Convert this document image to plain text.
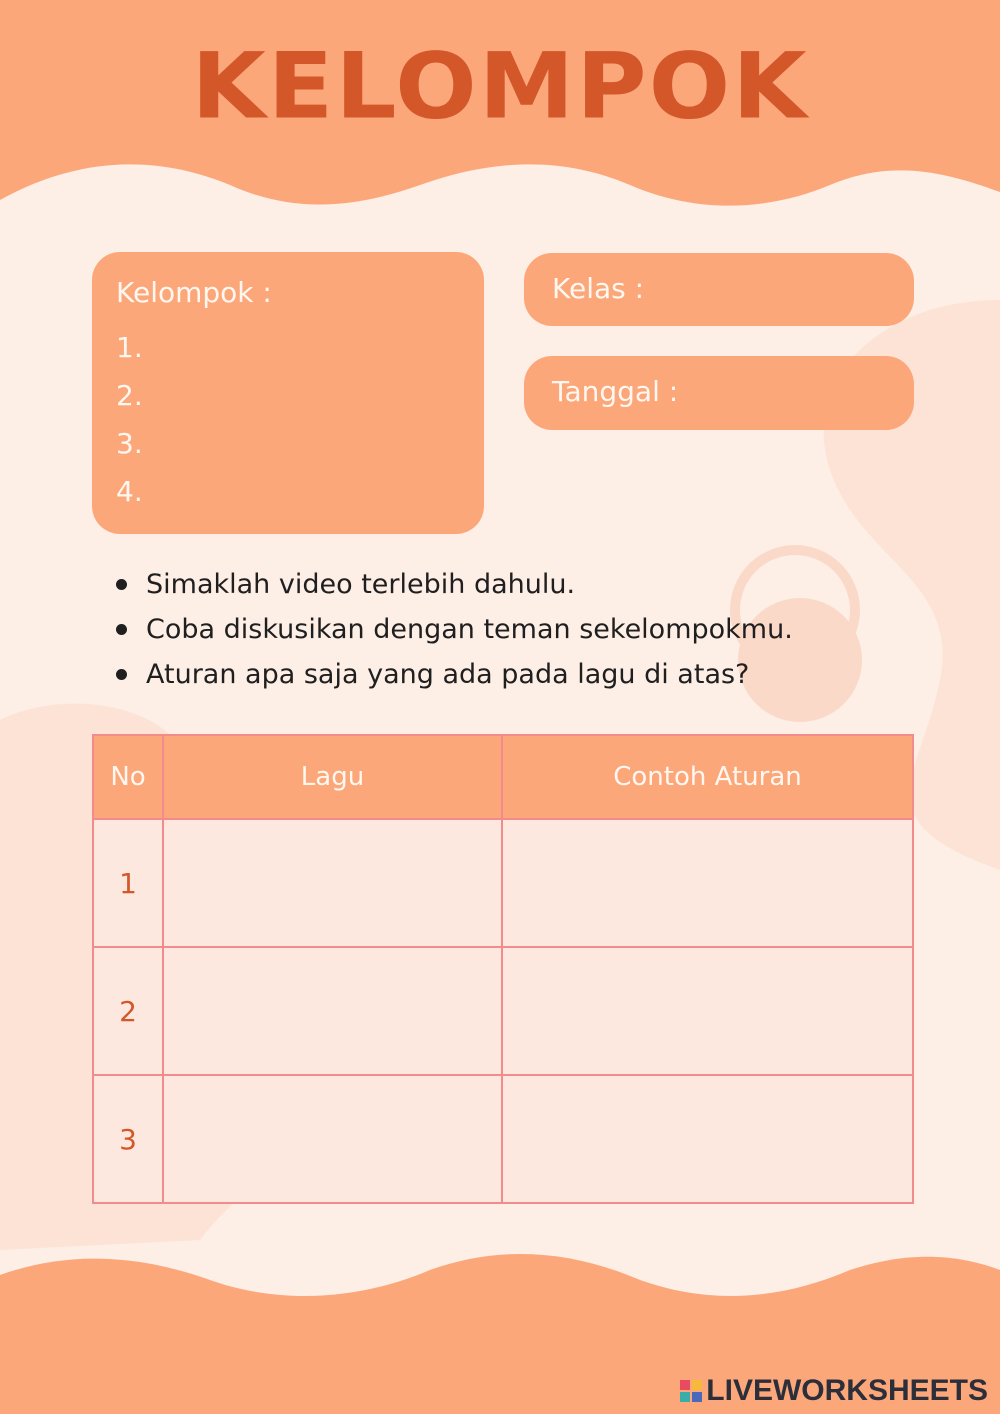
KELOMPOK
Kelompok :
1.
2.
3.
4.
Kelas :
Tanggal :
Simaklah video terlebih dahulu.
Coba diskusikan dengan teman sekelompokmu.
Aturan apa saja yang ada pada lagu di atas?
No	Lagu	Contoh Aturan
1		
2		
3		
LIVEWORKSHEETS
